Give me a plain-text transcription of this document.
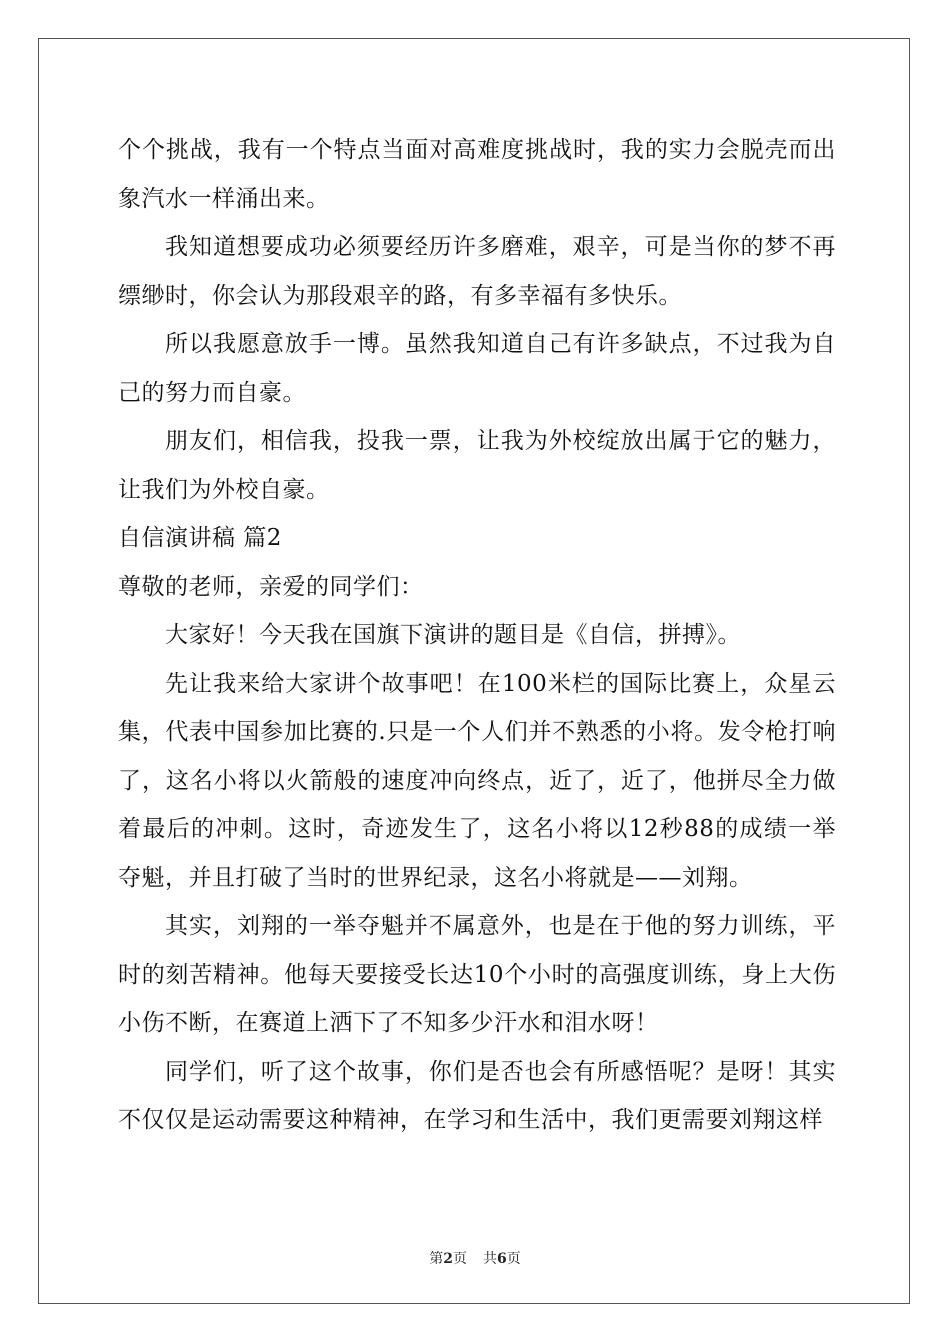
个个挑战，我有一个特点当面对高难度挑战时，我的实力会脱壳而出象汽水一样涌出来。

我知道想要成功必须要经历许多磨难，艰辛，可是当你的梦不再缥缈时，你会认为那段艰辛的路，有多幸福有多快乐。

所以我愿意放手一博。虽然我知道自己有许多缺点，不过我为自己的努力而自豪。

朋友们，相信我，投我一票，让我为外校绽放出属于它的魅力，让我们为外校自豪。

自信演讲稿 篇2

尊敬的老师，亲爱的同学们：

大家好！今天我在国旗下演讲的题目是《自信，拼搏》。

先让我来给大家讲个故事吧！在100米栏的国际比赛上，众星云集，代表中国参加比赛的.只是一个人们并不熟悉的小将。发令枪打响了，这名小将以火箭般的速度冲向终点，近了，近了，他拼尽全力做着最后的冲刺。这时，奇迹发生了，这名小将以12秒88的成绩一举夺魁，并且打破了当时的世界纪录，这名小将就是——刘翔。

其实，刘翔的一举夺魁并不属意外，也是在于他的努力训练，平时的刻苦精神。他每天要接受长达10个小时的高强度训练，身上大伤小伤不断，在赛道上洒下了不知多少汗水和泪水呀！

同学们，听了这个故事，你们是否也会有所感悟呢？是呀！其实不仅仅是运动需要这种精神，在学习和生活中，我们更需要刘翔这样

第2页 共6页
